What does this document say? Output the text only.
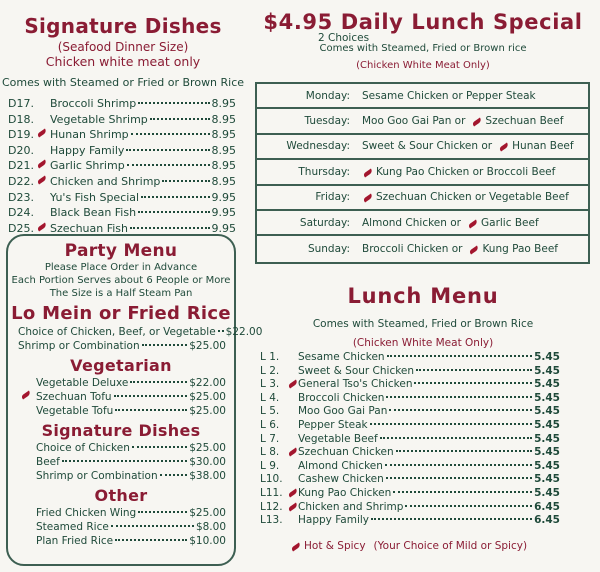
Signature Dishes
(Seafood Dinner Size)
Chicken white meat only
Comes with Steamed or Fried or Brown Rice
D17. Broccoli Shrimp	8.95
D18. Vegetable Shrimp	8.95
D19. Hunan Shrimp	8.95
D20. Happy Family	8.95
D21. Garlic Shrimp	8.95
D22. Chicken and Shrimp	8.95
D23. Yu's Fish Special	9.95
D24. Black Bean Fish	9.95
D25. Szechuan Fish	9.95
Party Menu
Please Place Order in Advance
Each Portion Serves about 6 People or More
The Size is a Half Steam Pan
Lo Mein or Fried Rice
Choice of Chicken, Beef, or Vegetable $22.00
Shrimp or Combination	$25.00
Vegetarian
Vegetable Deluxe	$22.00
Szechuan Tofu	$25.00
Vegetable Tofu	$25.00
Signature Dishes
Choice of Chicken	$25.00
Beef	$30.00
Shrimp or Combination	$38.00
Other
Fried Chicken Wing	$25.00
Steamed Rice	$8.00
Plan Fried Rice	$10.00
$4.95 Daily Lunch Special
2 Choices
Comes with Steamed, Fried or Brown rice
(Chicken White Meat Only)
Monday: Sesame Chicken or Pepper Steak
Tuesday: Moo Goo Gai Pan or Szechuan Beef
Wednesday: Sweet & Sour Chicken or Hunan Beef
Thursday: Kung Pao Chicken or Broccoli Beef
Friday: Szechuan Chicken or Vegetable Beef
Saturday: Almond Chicken or Garlic Beef
Sunday: Broccoli Chicken or Kung Pao Beef
Lunch Menu
Comes with Steamed, Fried or Brown Rice
(Chicken White Meat Only)
L 1.	Sesame Chicken	5.45
L 2.	Sweet & Sour Chicken	5.45
L 3.	General Tso's Chicken	5.45
L 4.	Broccoli Chicken	5.45
L 5.	Moo Goo Gai Pan	5.45
L 6.	Pepper Steak	5.45
L 7.	Vegetable Beef	5.45
L 8.	Szechuan Chicken	5.45
L 9.	Almond Chicken	5.45
L10.	Cashew Chicken	5.45
L11.	Kung Pao Chicken	5.45
L12.	Chicken and Shrimp	6.45
L13.	Happy Family	6.45
Hot & Spicy (Your Choice of Mild or Spicy)
